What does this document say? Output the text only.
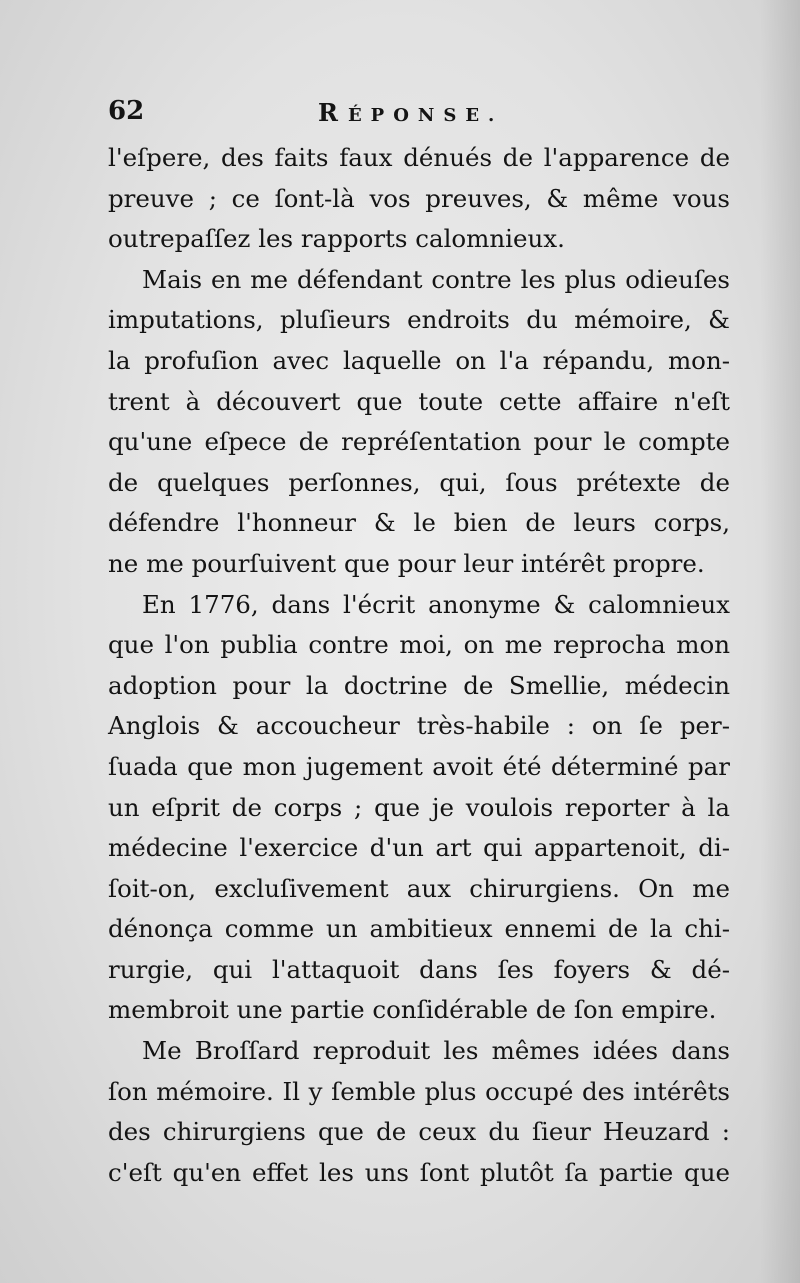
62	RÉPONSE.
l'eſpere, des faits faux dénués de l'apparence de
preuve ; ce ſont-là vos preuves, & même vous
outrepaſſez les rapports calomnieux.
Mais en me défendant contre les plus odieuſes
imputations, pluſieurs endroits du mémoire, &
la profuſion avec laquelle on l'a répandu, mon-
trent à découvert que toute cette affaire n'eſt
qu'une eſpece de repréſentation pour le compte
de quelques perſonnes, qui, ſous prétexte de
défendre l'honneur & le bien de leurs corps,
ne me pourſuivent que pour leur intérêt propre.
En 1776, dans l'écrit anonyme & calomnieux
que l'on publia contre moi, on me reprocha mon
adoption pour la doctrine de Smellie, médecin
Anglois & accoucheur très-habile : on ſe per-
ſuada que mon jugement avoit été déterminé par
un eſprit de corps ; que je voulois reporter à la
médecine l'exercice d'un art qui appartenoit, di-
ſoit-on, excluſivement aux chirurgiens. On me
dénonça comme un ambitieux ennemi de la chi-
rurgie, qui l'attaquoit dans ſes foyers & dé-
membroit une partie conſidérable de ſon empire.
Me Broſſard reproduit les mêmes idées dans
ſon mémoire. Il y ſemble plus occupé des intérêts
des chirurgiens que de ceux du ſieur Heuzard :
c'eſt qu'en effet les uns ſont plutôt ſa partie que
